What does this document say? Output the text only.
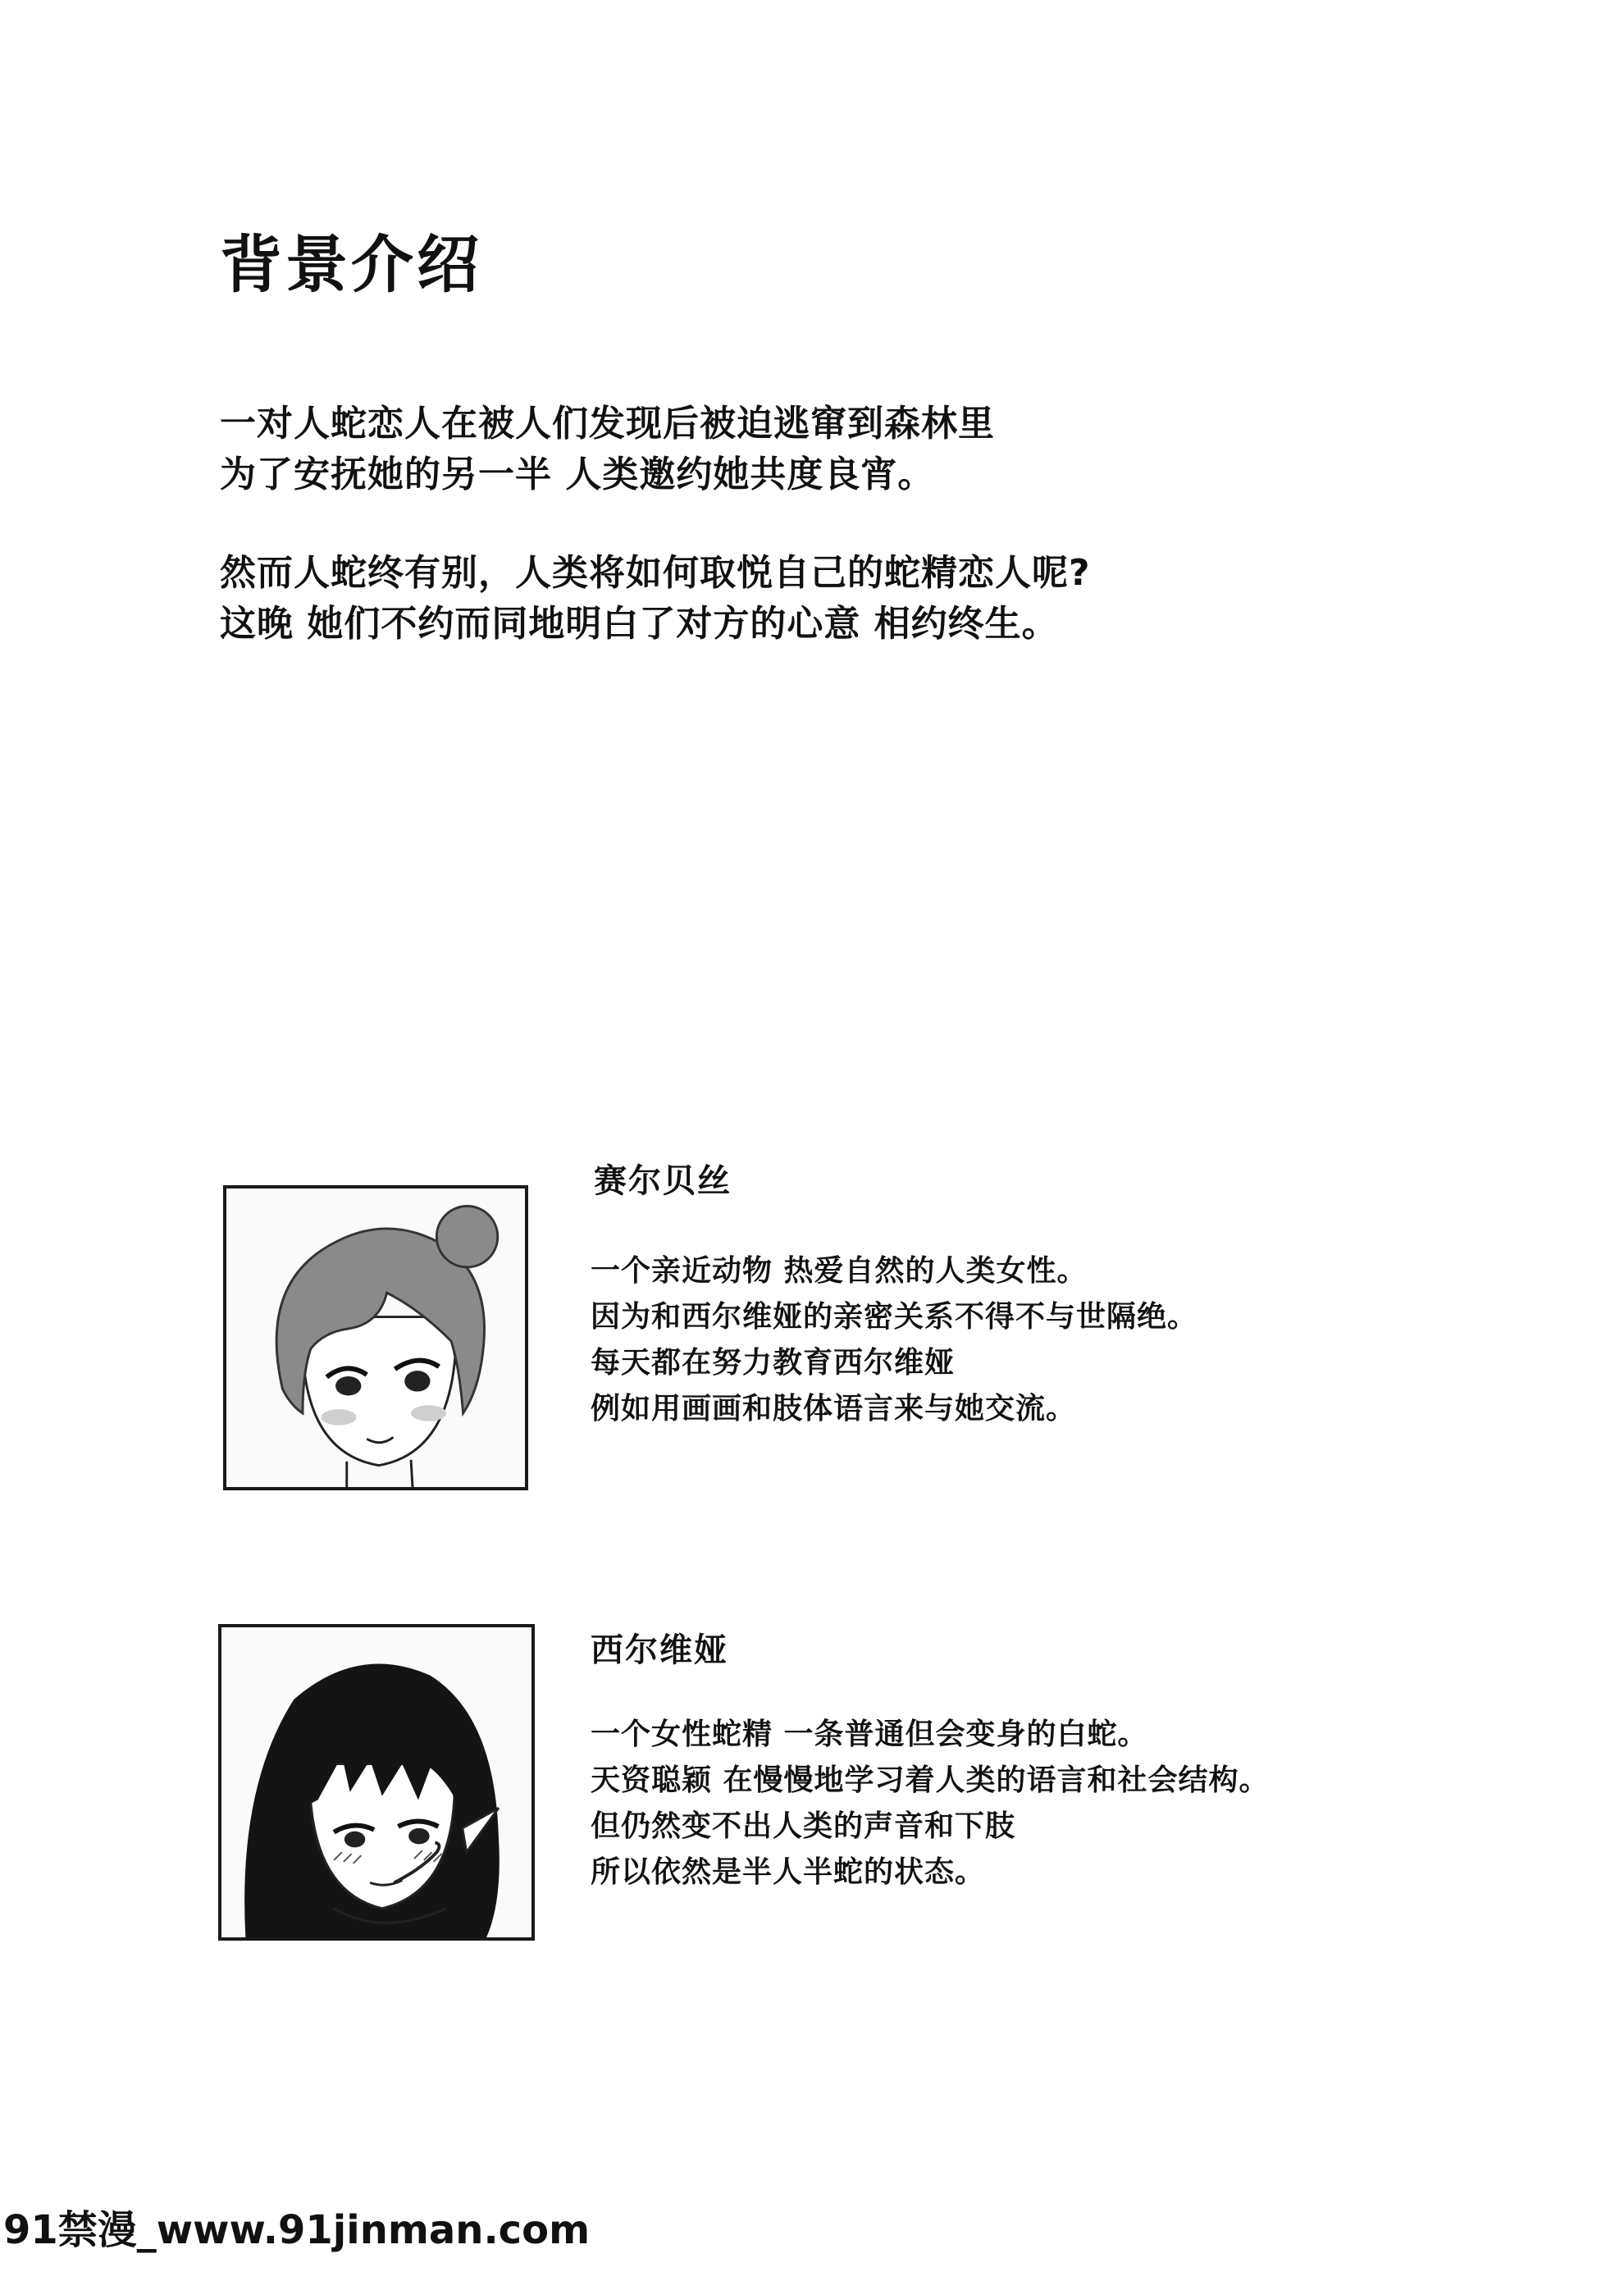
背景介绍

一对人蛇恋人在被人们发现后被迫逃窜到森林里

为了安抚她的另一半 人类邀约她共度良宵。

然而人蛇终有别，人类将如何取悦自己的蛇精恋人呢?

这晚 她们不约而同地明白了对方的心意 相约终生。

赛尔贝丝

一个亲近动物 热爱自然的人类女性。

因为和西尔维娅的亲密关系不得不与世隔绝。

每天都在努力教育西尔维娅

例如用画画和肢体语言来与她交流。

西尔维娅

一个女性蛇精 一条普通但会变身的白蛇。

天资聪颖 在慢慢地学习着人类的语言和社会结构。

但仍然变不出人类的声音和下肢

所以依然是半人半蛇的状态。

91禁漫_www.91jinman.com
